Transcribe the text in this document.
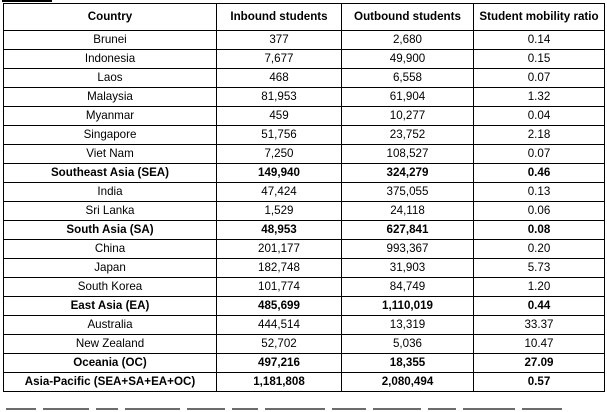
Country	Inbound students	Outbound students	Student mobility ratio
Brunei	377	2,680	0.14
Indonesia	7,677	49,900	0.15
Laos	468	6,558	0.07
Malaysia	81,953	61,904	1.32
Myanmar	459	10,277	0.04
Singapore	51,756	23,752	2.18
Viet Nam	7,250	108,527	0.07
Southeast Asia (SEA)	149,940	324,279	0.46
India	47,424	375,055	0.13
Sri Lanka	1,529	24,118	0.06
South Asia (SA)	48,953	627,841	0.08
China	201,177	993,367	0.20
Japan	182,748	31,903	5.73
South Korea	101,774	84,749	1.20
East Asia (EA)	485,699	1,110,019	0.44
Australia	444,514	13,319	33.37
New Zealand	52,702	5,036	10.47
Oceania (OC)	497,216	18,355	27.09
Asia-Pacific (SEA+SA+EA+OC)	1,181,808	2,080,494	0.57
